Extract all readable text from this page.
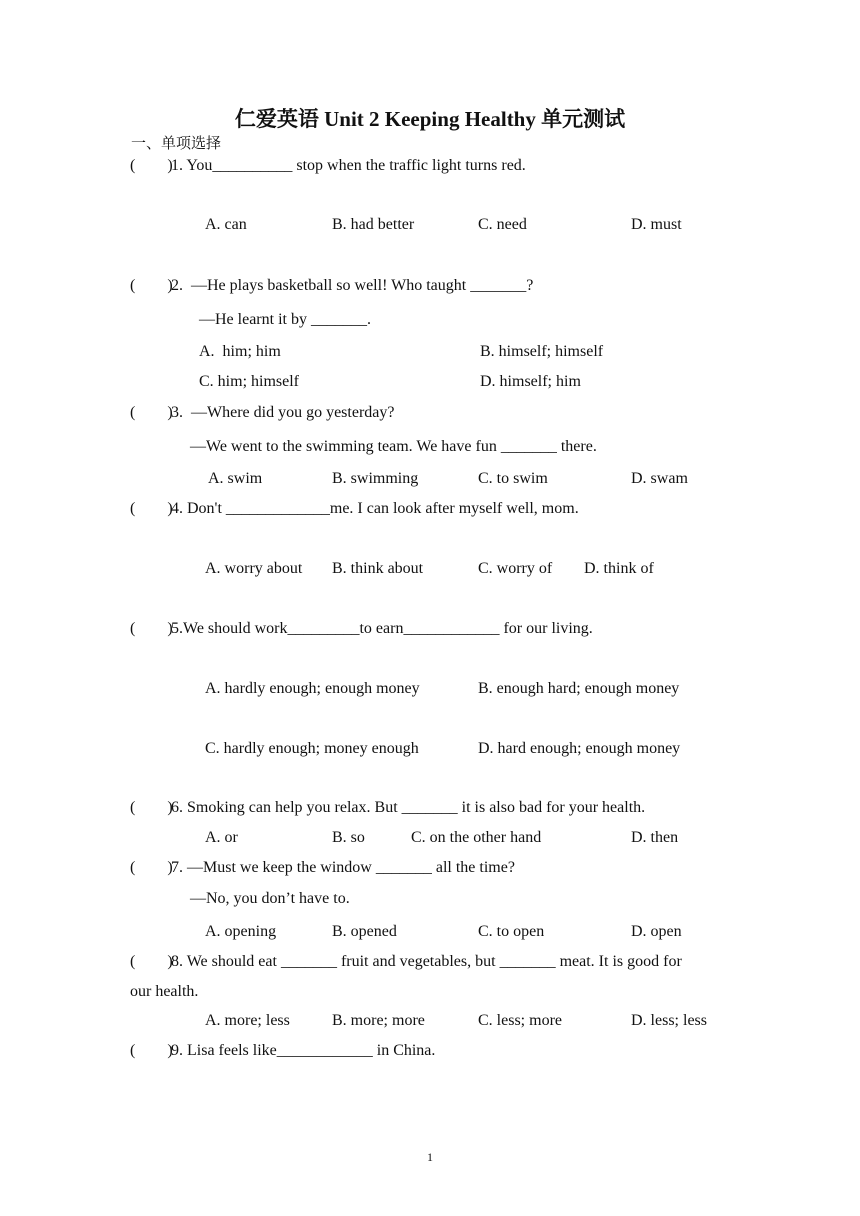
仁爱英语 Unit 2 Keeping Healthy 单元测试
一、单项选择
(        )
1. You__________ stop when the traffic light turns red.
A. can	B. had better	C. need	D. must
(        )
2.  —He plays basketball so well! Who taught _______?
—He learnt it by _______.
A.  him; him	B. himself; himself
C. him; himself	D. himself; him
(        )
3.  —Where did you go yesterday?
—We went to the swimming team. We have fun _______ there.
A. swim	B. swimming	C. to swim	D. swam
(        )
4. Don't _____________me. I can look after myself well, mom.
A. worry about B. think about	C. worry of D. think of
(        )
5.We should work_________to earn____________ for our living.
A. hardly enough; enough money	B. enough hard; enough money
C. hardly enough; money enough	D. hard enough; enough money
(        )
6. Smoking can help you relax. But _______ it is also bad for your health.
A. or	B. so	C. on the other hand	D. then
(        )
7. —Must we keep the window _______ all the time?
—No, you don’t have to.
A. opening	B. opened	C. to open	D. open
(        )
8. We should eat _______ fruit and vegetables, but _______ meat. It is good for
our health.
A. more; less	B. more; more	C. less; more	D. less; less
(        )
9. Lisa feels like____________ in China.
1
